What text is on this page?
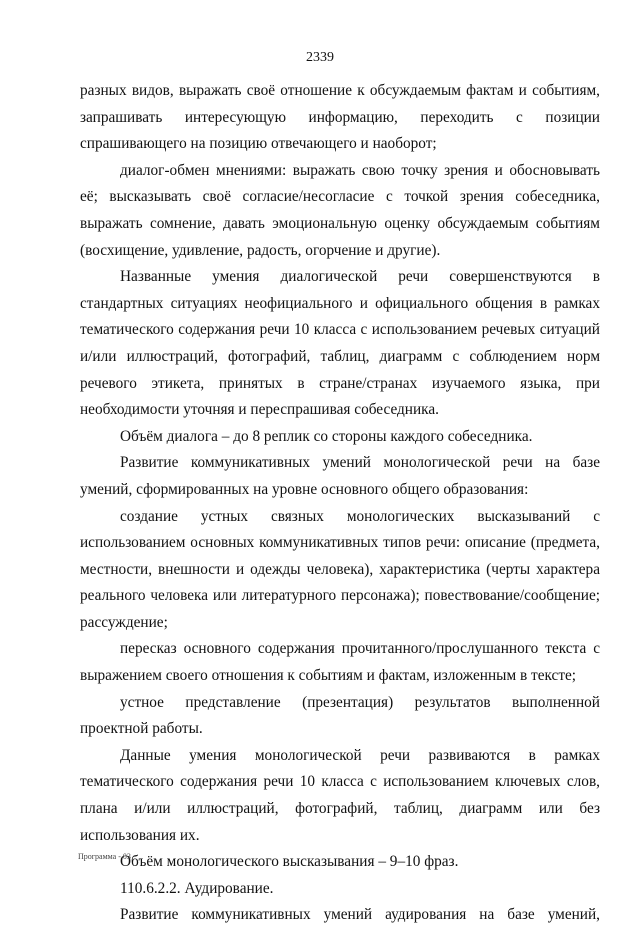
2339

разных видов, выражать своё отношение к обсуждаемым фактам и событиям, запрашивать интересующую информацию, переходить с позиции спрашивающего на позицию отвечающего и наоборот;

диалог-обмен мнениями: выражать свою точку зрения и обосновывать её; высказывать своё согласие/несогласие с точкой зрения собеседника, выражать сомнение, давать эмоциональную оценку обсуждаемым событиям (восхищение, удивление, радость, огорчение и другие).

Названные умения диалогической речи совершенствуются в стандартных ситуациях неофициального и официального общения в рамках тематического содержания речи 10 класса с использованием речевых ситуаций и/или иллюстраций, фотографий, таблиц, диаграмм с соблюдением норм речевого этикета, принятых в стране/странах изучаемого языка, при необходимости уточняя и переспрашивая собеседника.

Объём диалога – до 8 реплик со стороны каждого собеседника.

Развитие коммуникативных умений монологической речи на базе умений, сформированных на уровне основного общего образования:

создание устных связных монологических высказываний с использованием основных коммуникативных типов речи: описание (предмета, местности, внешности и одежды человека), характеристика (черты характера реального человека или литературного персонажа); повествование/сообщение; рассуждение;

пересказ основного содержания прочитанного/прослушанного текста с выражением своего отношения к событиям и фактам, изложенным в тексте;

устное представление (презентация) результатов выполненной проектной работы.

Данные умения монологической речи развиваются в рамках тематического содержания речи 10 класса с использованием ключевых слов, плана и/или иллюстраций, фотографий, таблиц, диаграмм или без использования их.

Объём монологического высказывания – 9–10 фраз.

110.6.2.2. Аудирование.

Развитие коммуникативных умений аудирования на базе умений,

Программа - 03
